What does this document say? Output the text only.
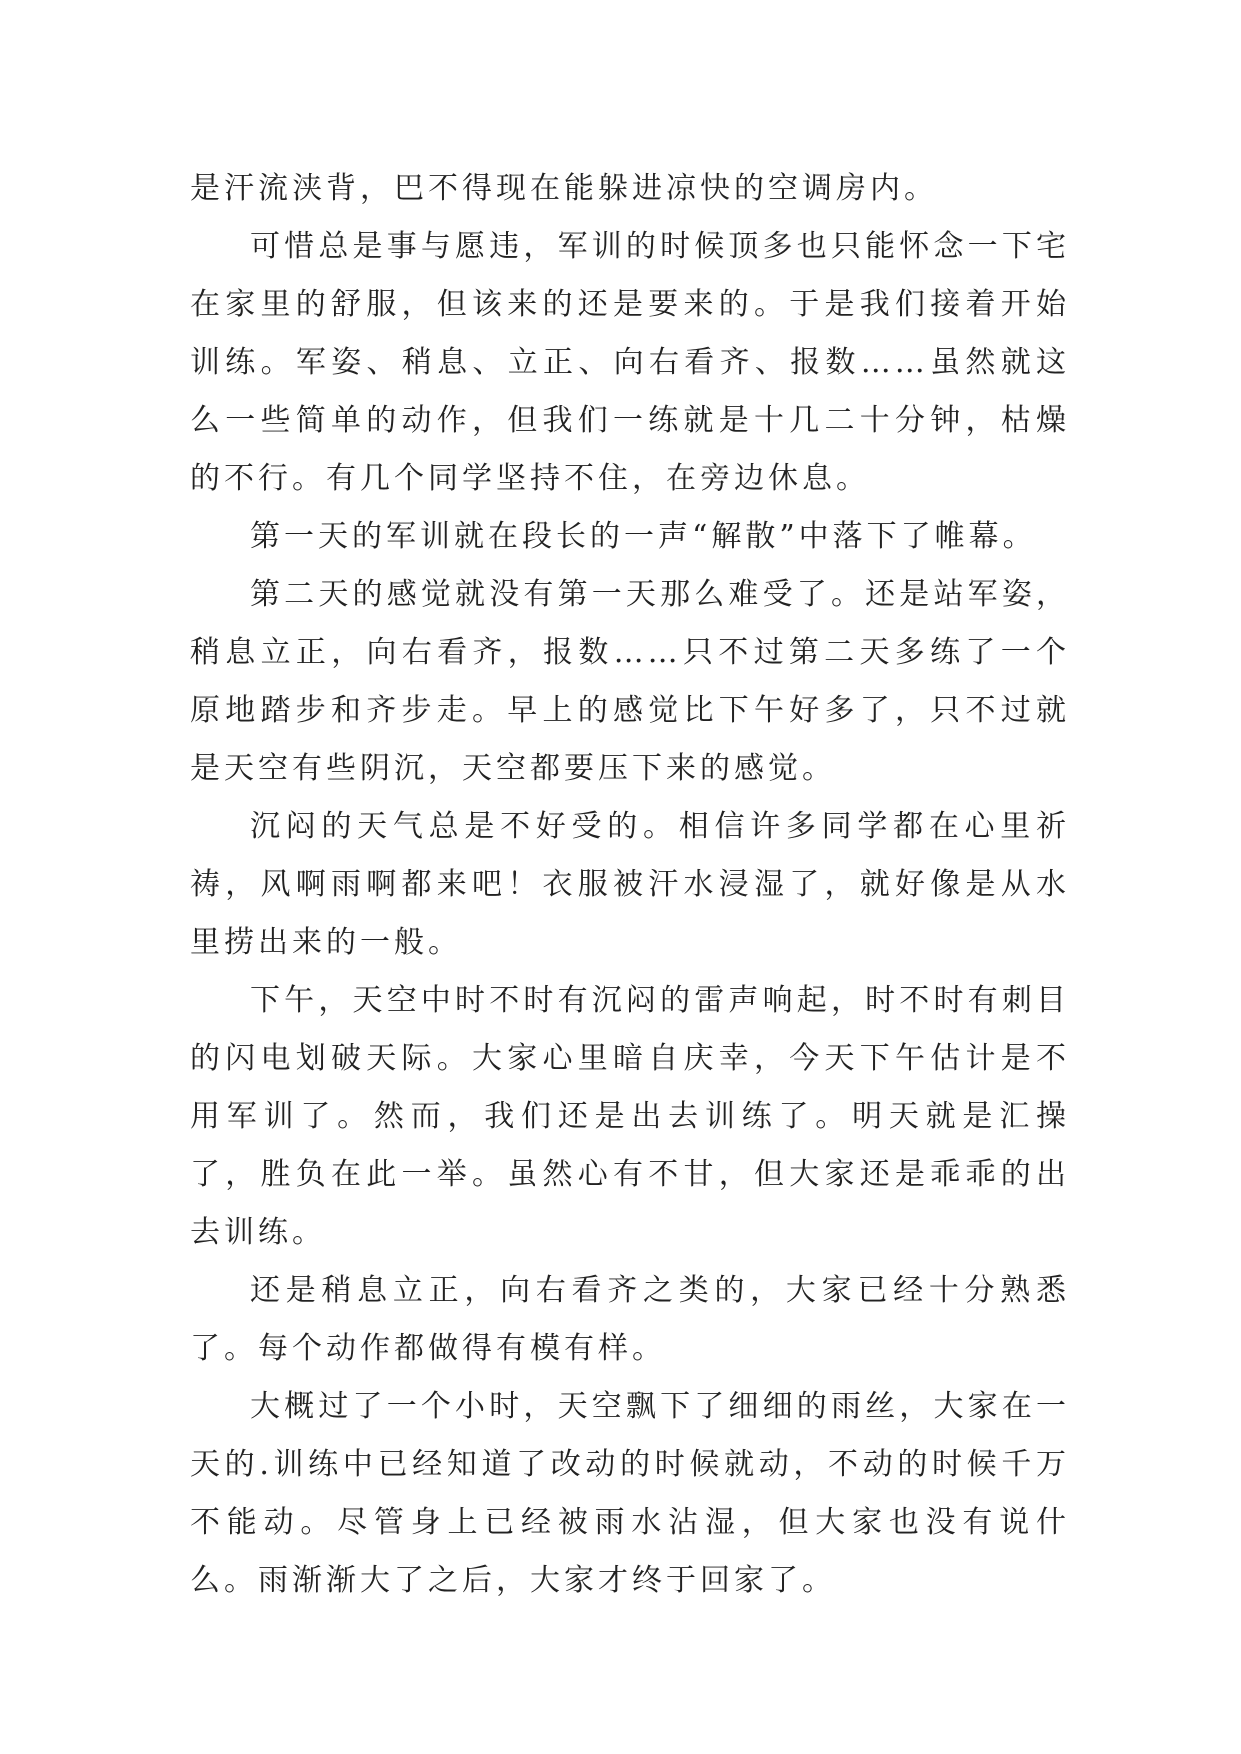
是汗流浃背，巴不得现在能躲进凉快的空调房内。

可惜总是事与愿违，军训的时候顶多也只能怀念一下宅在家里的舒服，但该来的还是要来的。于是我们接着开始训练。军姿、稍息、立正、向右看齐、报数……虽然就这么一些简单的动作，但我们一练就是十几二十分钟，枯燥的不行。有几个同学坚持不住，在旁边休息。

第一天的军训就在段长的一声“解散”中落下了帷幕。

第二天的感觉就没有第一天那么难受了。还是站军姿，稍息立正，向右看齐，报数……只不过第二天多练了一个原地踏步和齐步走。早上的感觉比下午好多了，只不过就是天空有些阴沉，天空都要压下来的感觉。

沉闷的天气总是不好受的。相信许多同学都在心里祈祷，风啊雨啊都来吧！衣服被汗水浸湿了，就好像是从水里捞出来的一般。

下午，天空中时不时有沉闷的雷声响起，时不时有刺目的闪电划破天际。大家心里暗自庆幸，今天下午估计是不用军训了。然而，我们还是出去训练了。明天就是汇操了，胜负在此一举。虽然心有不甘，但大家还是乖乖的出去训练。

还是稍息立正，向右看齐之类的，大家已经十分熟悉了。每个动作都做得有模有样。

大概过了一个小时，天空飘下了细细的雨丝，大家在一天的.训练中已经知道了改动的时候就动，不动的时候千万不能动。尽管身上已经被雨水沾湿，但大家也没有说什么。雨渐渐大了之后，大家才终于回家了。
